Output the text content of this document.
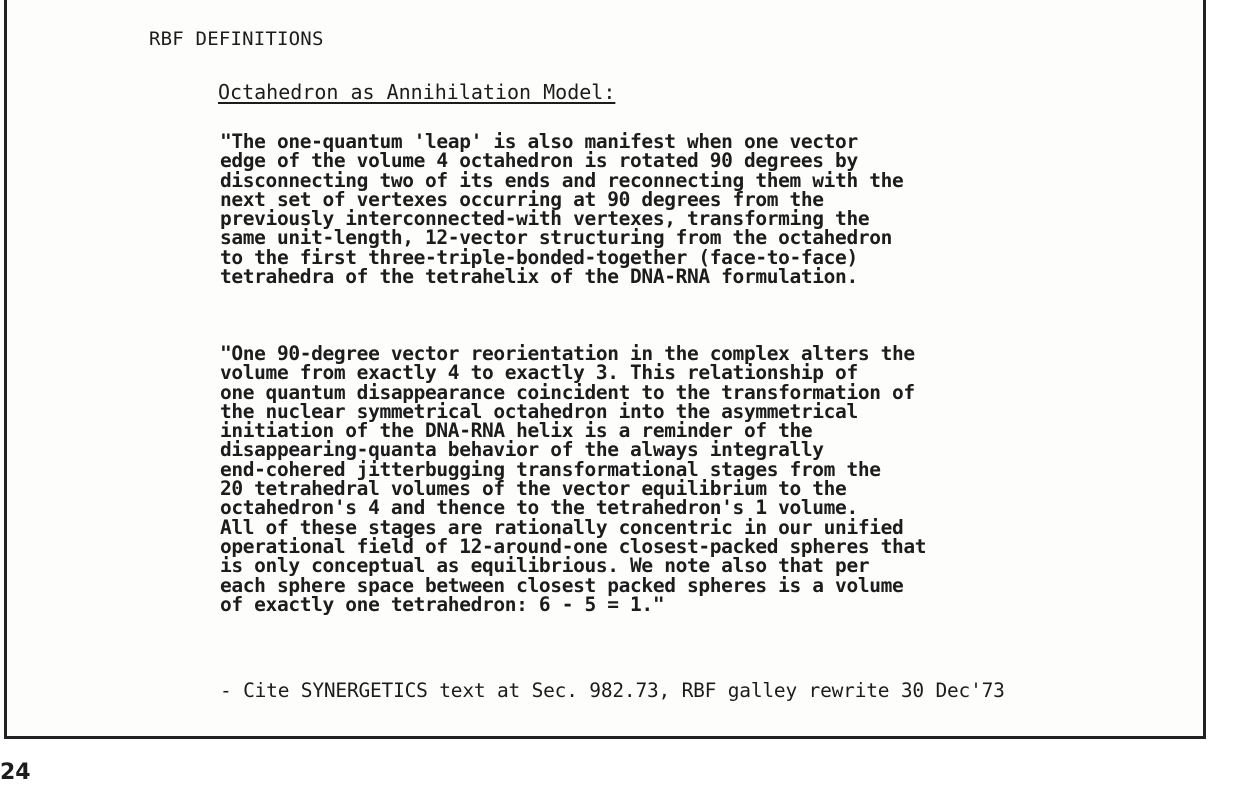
RBF DEFINITIONS
Octahedron as Annihilation Model:

"The one-quantum 'leap' is also manifest when one vector
edge of the volume 4 octahedron is rotated 90 degrees by
disconnecting two of its ends and reconnecting them with the
next set of vertexes occurring at 90 degrees from the
previously interconnected-with vertexes, transforming the
same unit-length, 12-vector structuring from the octahedron
to the first three-triple-bonded-together (face-to-face)
tetrahedra of the tetrahelix of the DNA-RNA formulation.

"One 90-degree vector reorientation in the complex alters the
volume from exactly 4 to exactly 3. This relationship of
one quantum disappearance coincident to the transformation of
the nuclear symmetrical octahedron into the asymmetrical
initiation of the DNA-RNA helix is a reminder of the
disappearing-quanta behavior of the always integrally
end-cohered jitterbugging transformational stages from the
20 tetrahedral volumes of the vector equilibrium to the
octahedron's 4 and thence to the tetrahedron's 1 volume.
All of these stages are rationally concentric in our unified
operational field of 12-around-one closest-packed spheres that
is only conceptual as equilibrious. We note also that per
each sphere space between closest packed spheres is a volume
of exactly one tetrahedron: 6 - 5 = 1."

- Cite SYNERGETICS text at Sec. 982.73, RBF galley rewrite 30 Dec'73
24
